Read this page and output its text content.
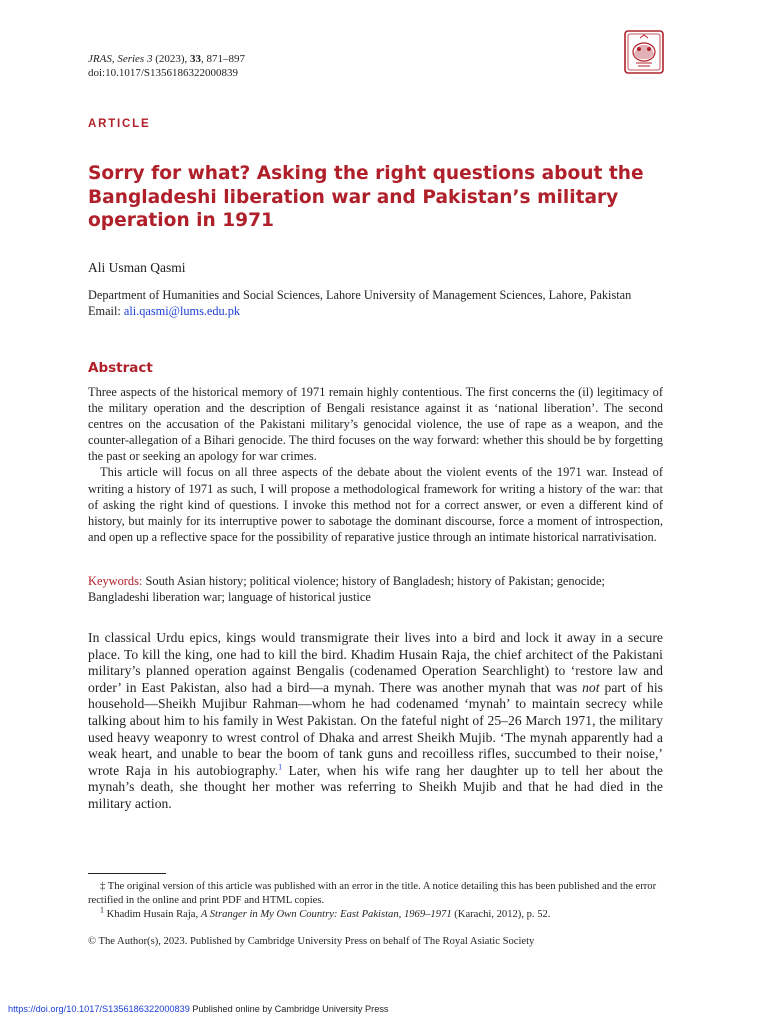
JRAS, Series 3 (2023), 33, 871–897
doi:10.1017/S1356186322000839
ARTICLE
Sorry for what? Asking the right questions about the Bangladeshi liberation war and Pakistan’s military operation in 1971
Ali Usman Qasmi
Department of Humanities and Social Sciences, Lahore University of Management Sciences, Lahore, Pakistan
Email: ali.qasmi@lums.edu.pk
Abstract

Three aspects of the historical memory of 1971 remain highly contentious. The first concerns the (il) legitimacy of the military operation and the description of Bengali resistance against it as ‘national liberation’. The second centres on the accusation of the Pakistani military’s genocidal violence, the use of rape as a weapon, and the counter-allegation of a Bihari genocide. The third focuses on the way forward: whether this should be by forgetting the past or seeking an apology for war crimes.

This article will focus on all three aspects of the debate about the violent events of the 1971 war. Instead of writing a history of 1971 as such, I will propose a methodological framework for writing a history of the war: that of asking the right kind of questions. I invoke this method not for a correct answer, or even a different kind of history, but mainly for its interruptive power to sabotage the dominant discourse, force a moment of introspection, and open up a reflective space for the possibility of reparative justice through an intimate historical narrativisation.

Keywords: South Asian history; political violence; history of Bangladesh; history of Pakistan; genocide; Bangladeshi liberation war; language of historical justice
In classical Urdu epics, kings would transmigrate their lives into a bird and lock it away in a secure place. To kill the king, one had to kill the bird. Khadim Husain Raja, the chief architect of the Pakistani military’s planned operation against Bengalis (codenamed Operation Searchlight) to ‘restore law and order’ in East Pakistan, also had a bird—a mynah. There was another mynah that was not part of his household—Sheikh Mujibur Rahman—whom he had codenamed ‘mynah’ to maintain secrecy while talking about him to his family in West Pakistan. On the fateful night of 25–26 March 1971, the military used heavy weaponry to wrest control of Dhaka and arrest Sheikh Mujib. ‘The mynah apparently had a weak heart, and unable to bear the boom of tank guns and recoilless rifles, succumbed to their noise,’ wrote Raja in his autobiography.$^1$ Later, when his wife rang her daughter up to tell her about the mynah’s death, she thought her mother was referring to Sheikh Mujib and that he had died in the military action.
‡ The original version of this article was published with an error in the title. A notice detailing this has been published and the error rectified in the online and print PDF and HTML copies.
$^1$ Khadim Husain Raja, A Stranger in My Own Country: East Pakistan, 1969–1971 (Karachi, 2012), p. 52.
© The Author(s), 2023. Published by Cambridge University Press on behalf of The Royal Asiatic Society
https://doi.org/10.1017/S1356186322000839 Published online by Cambridge University Press
